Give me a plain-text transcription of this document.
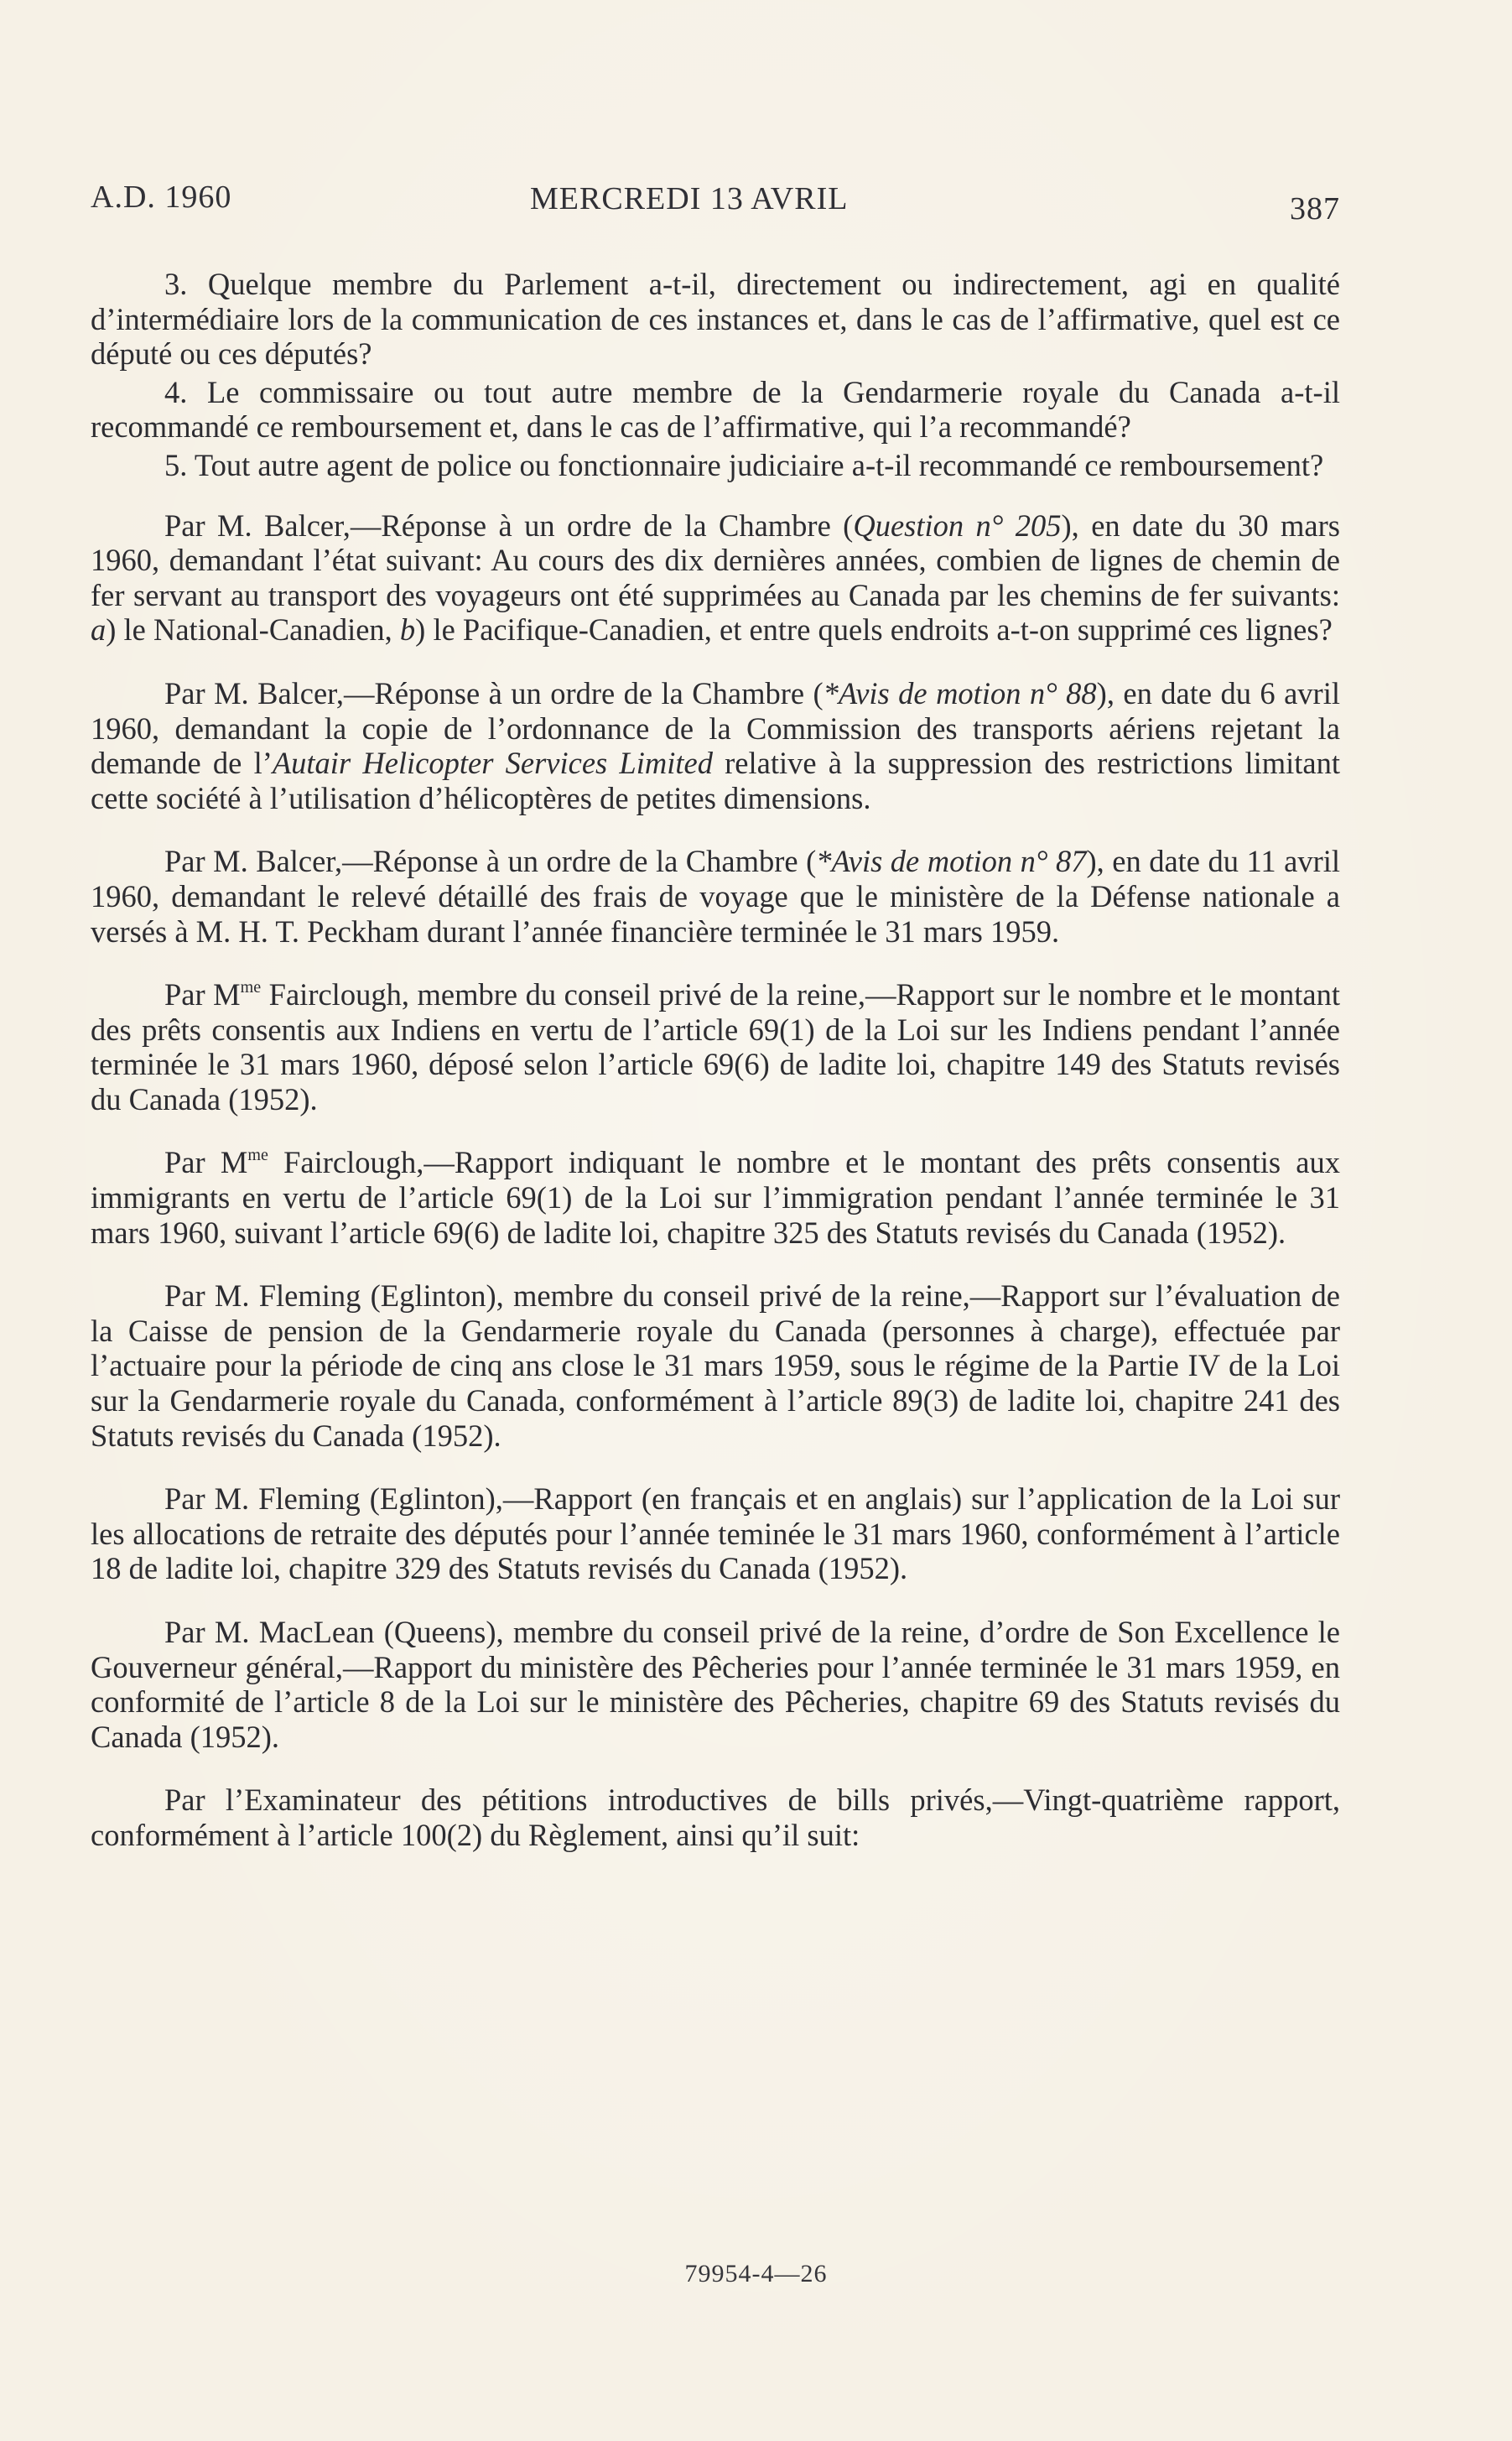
A.D. 1960	MERCREDI 13 AVRIL	387

3. Quelque membre du Parlement a-t-il, directement ou indirectement, agi en qualité d’intermédiaire lors de la communication de ces instances et, dans le cas de l’affirmative, quel est ce député ou ces députés?

4. Le commissaire ou tout autre membre de la Gendarmerie royale du Canada a-t-il recommandé ce remboursement et, dans le cas de l’affirmative, qui l’a recommandé?

5. Tout autre agent de police ou fonctionnaire judiciaire a-t-il recommandé ce remboursement?

Par M. Balcer,—Réponse à un ordre de la Chambre (Question n° 205), en date du 30 mars 1960, demandant l’état suivant: Au cours des dix dernières années, combien de lignes de chemin de fer servant au transport des voyageurs ont été supprimées au Canada par les chemins de fer suivants: a) le National-Canadien, b) le Pacifique-Canadien, et entre quels endroits a-t-on supprimé ces lignes?

Par M. Balcer,—Réponse à un ordre de la Chambre (*Avis de motion n° 88), en date du 6 avril 1960, demandant la copie de l’ordonnance de la Commission des transports aériens rejetant la demande de l’Autair Helicopter Services Limited relative à la suppression des restrictions limitant cette société à l’utilisation d’hélicoptères de petites dimensions.

Par M. Balcer,—Réponse à un ordre de la Chambre (*Avis de motion n° 87), en date du 11 avril 1960, demandant le relevé détaillé des frais de voyage que le ministère de la Défense nationale a versés à M. H. T. Peckham durant l’année financière terminée le 31 mars 1959.

Par $M^{me}$ Fairclough, membre du conseil privé de la reine,—Rapport sur le nombre et le montant des prêts consentis aux Indiens en vertu de l’article 69(1) de la Loi sur les Indiens pendant l’année terminée le 31 mars 1960, déposé selon l’article 69(6) de ladite loi, chapitre 149 des Statuts revisés du Canada (1952).

Par $M^{me}$ Fairclough,—Rapport indiquant le nombre et le montant des prêts consentis aux immigrants en vertu de l’article 69(1) de la Loi sur l’immigration pendant l’année terminée le 31 mars 1960, suivant l’article 69(6) de ladite loi, chapitre 325 des Statuts revisés du Canada (1952).

Par M. Fleming (Eglinton), membre du conseil privé de la reine,—Rapport sur l’évaluation de la Caisse de pension de la Gendarmerie royale du Canada (personnes à charge), effectuée par l’actuaire pour la période de cinq ans close le 31 mars 1959, sous le régime de la Partie IV de la Loi sur la Gendarmerie royale du Canada, conformément à l’article 89(3) de ladite loi, chapitre 241 des Statuts revisés du Canada (1952).

Par M. Fleming (Eglinton),—Rapport (en français et en anglais) sur l’application de la Loi sur les allocations de retraite des députés pour l’année teminée le 31 mars 1960, conformément à l’article 18 de ladite loi, chapitre 329 des Statuts revisés du Canada (1952).

Par M. MacLean (Queens), membre du conseil privé de la reine, d’ordre de Son Excellence le Gouverneur général,—Rapport du ministère des Pêcheries pour l’année terminée le 31 mars 1959, en conformité de l’article 8 de la Loi sur le ministère des Pêcheries, chapitre 69 des Statuts revisés du Canada (1952).

Par l’Examinateur des pétitions introductives de bills privés,—Vingt-quatrième rapport, conformément à l’article 100(2) du Règlement, ainsi qu’il suit:

79954-4—26
